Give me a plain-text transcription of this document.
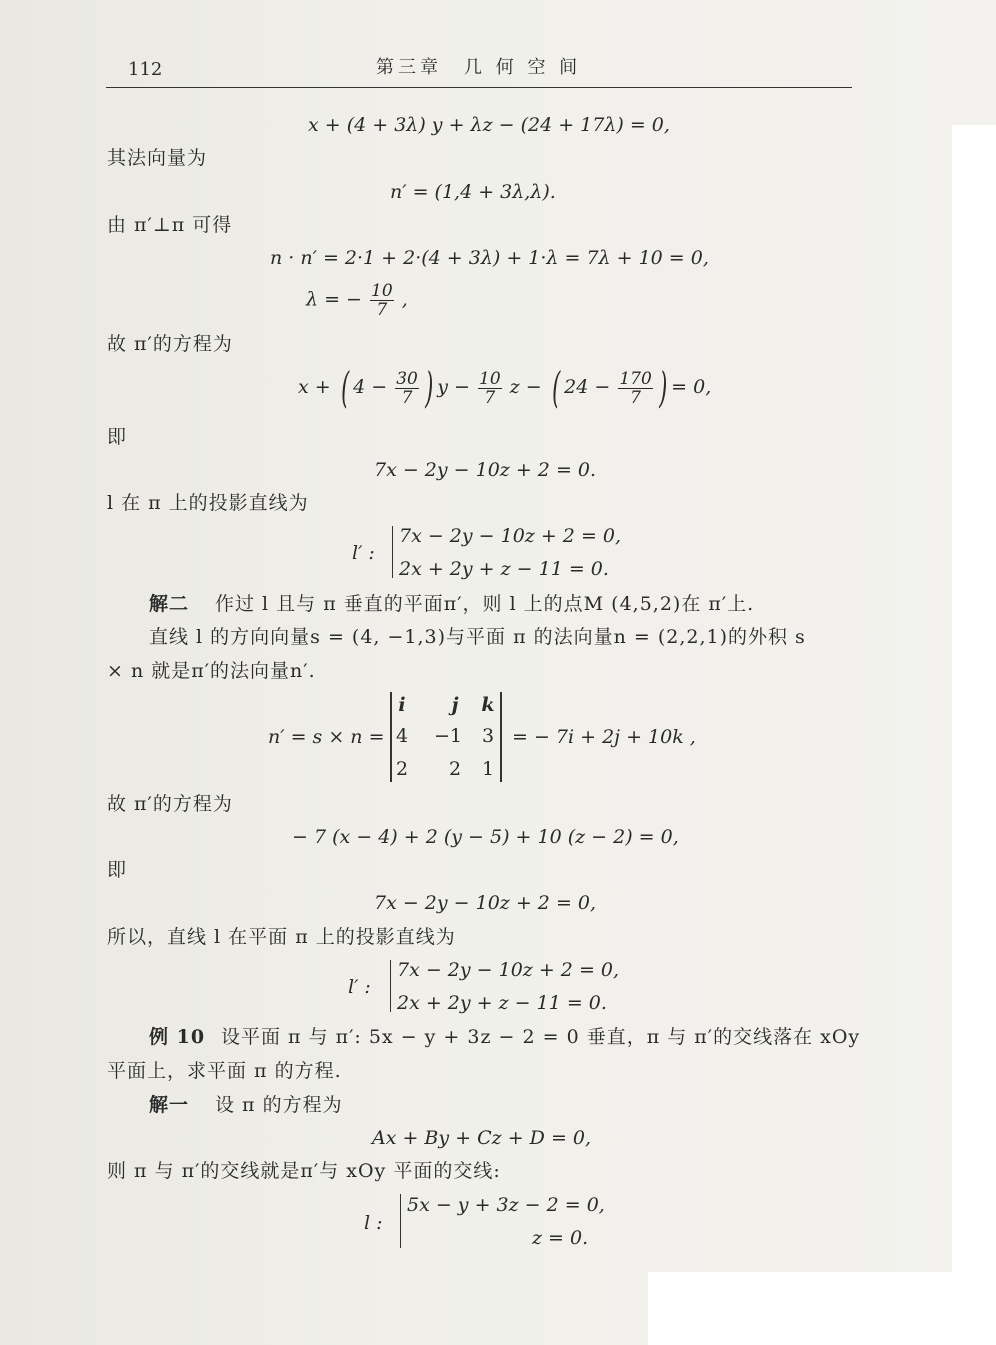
112	第三章　几 何 空 间
x + (4 + 3λ) y + λz − (24 + 17λ) = 0,
其法向量为
n′ = (1,4 + 3λ,λ).
由 π′⊥π 可得
n · n′ = 2·1 + 2·(4 + 3λ) + 1·λ = 7λ + 10 = 0,
λ = − $\frac{10}{7}$ ,
故 π′的方程为
x + ( $4 - \frac{30}{7}$ ) $y - \frac{10}{7}$ z − ( $24 - \frac{170}{7}$ ) = 0,
即
7x − 2y − 10z + 2 = 0.
l 在 π 上的投影直线为
l′ :
7x − 2y − 10z + 2 = 0,
2x + 2y + z − 11 = 0.
解二 作过 l 且与 π 垂直的平面π′，则 l 上的点M (4,5,2)在 π′上.
直线 l 的方向向量s = (4, −1,3)与平面 π 的法向量n = (2,2,1)的外积 s
× n 就是π′的法向量n′.
n′ = s × n =
i	j	k
4	−1	3
2	2	1
= − 7i + 2j + 10k ,
故 π′的方程为
− 7 (x − 4) + 2 (y − 5) + 10 (z − 2) = 0,
即
7x − 2y − 10z + 2 = 0,
所以，直线 l 在平面 π 上的投影直线为
l′ :
7x − 2y − 10z + 2 = 0,
2x + 2y + z − 11 = 0.
例 10 设平面 π 与 π′: 5x − y + 3z − 2 = 0 垂直，π 与 π′的交线落在 xOy
平面上，求平面 π 的方程.
解一 设 π 的方程为
Ax + By + Cz + D = 0,
则 π 与 π′的交线就是π′与 xOy 平面的交线:
l :
5x − y + 3z − 2 = 0,
z = 0.
